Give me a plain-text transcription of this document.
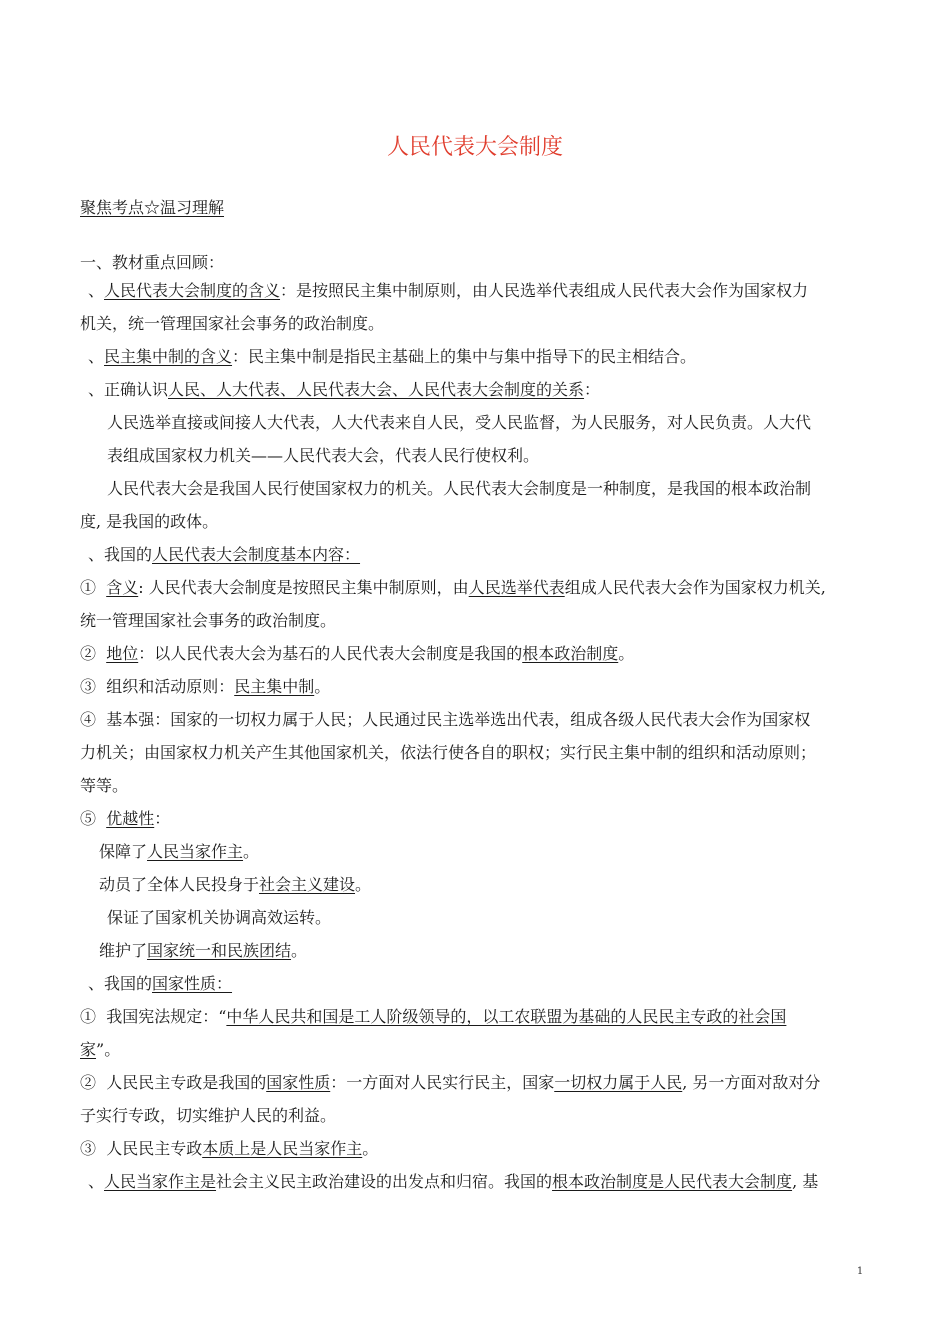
人民代表大会制度
聚焦考点☆温习理解
一、教材重点回顾：
、人民代表大会制度的含义：是按照民主集中制原则，由人民选举代表组成人民代表大会作为国家权力
机关，统一管理国家社会事务的政治制度。
、民主集中制的含义：民主集中制是指民主基础上的集中与集中指导下的民主相结合。
、正确认识人民、人大代表、人民代表大会、人民代表大会制度的关系：
人民选举直接或间接人大代表，人大代表来自人民，受人民监督，为人民服务，对人民负责。人大代
表组成国家权力机关——人民代表大会，代表人民行使权利。
人民代表大会是我国人民行使国家权力的机关。人民代表大会制度是一种制度，是我国的根本政治制
度, 是我国的政体。
、我国的人民代表大会制度基本内容：
① 含义: 人民代表大会制度是按照民主集中制原则，由人民选举代表组成人民代表大会作为国家权力机关,
统一管理国家社会事务的政治制度。
② 地位：以人民代表大会为基石的人民代表大会制度是我国的根本政治制度。
③ 组织和活动原则：民主集中制。
④ 基本强：国家的一切权力属于人民；人民通过民主选举选出代表，组成各级人民代表大会作为国家权
力机关；由国家权力机关产生其他国家机关，依法行使各自的职权；实行民主集中制的组织和活动原则；
等等。
⑤ 优越性：
保障了人民当家作主。
动员了全体人民投身于社会主义建设。
保证了国家机关协调高效运转。
维护了国家统一和民族团结。
、我国的国家性质：
① 我国宪法规定：“中华人民共和国是工人阶级领导的，以工农联盟为基础的人民民主专政的社会国
家”。
② 人民民主专政是我国的国家性质：一方面对人民实行民主，国家一切权力属于人民, 另一方面对敌对分
子实行专政，切实维护人民的利益。
③ 人民民主专政本质上是人民当家作主。
、人民当家作主是社会主义民主政治建设的出发点和归宿。我国的根本政治制度是人民代表大会制度, 基
1
